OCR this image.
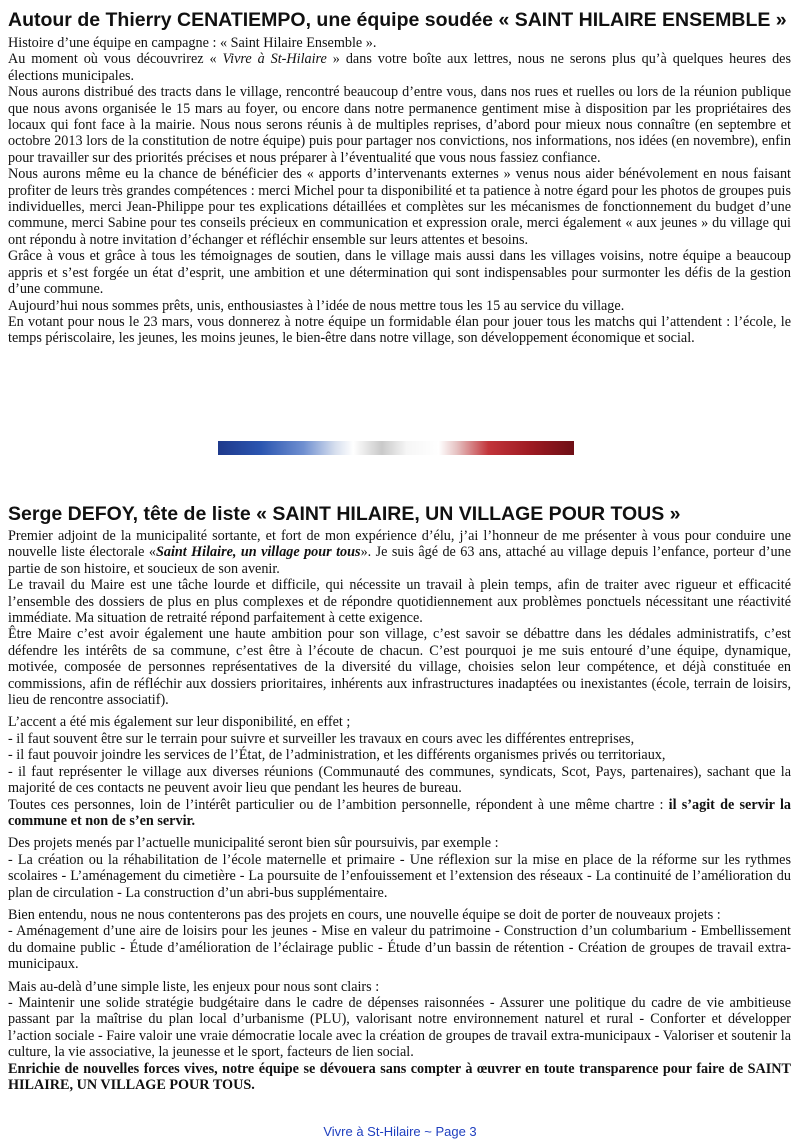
Autour de Thierry CENATIEMPO, une équipe soudée « SAINT HILAIRE ENSEMBLE »

Histoire d’une équipe en campagne : « Saint Hilaire Ensemble ».

Au moment où vous découvrirez « Vivre à St-Hilaire » dans votre boîte aux lettres, nous ne serons plus qu’à quelques heures des élections municipales.

Nous aurons distribué des tracts dans le village, rencontré beaucoup d’entre vous, dans nos rues et ruelles ou lors de la réunion publique que nous avons organisée le 15 mars au foyer, ou encore dans notre permanence gentiment mise à disposition par les propriétaires des locaux qui font face à la mairie. Nous nous serons réunis à de multiples reprises, d’abord pour mieux nous connaître (en septembre et octobre 2013 lors de la constitution de notre équipe) puis pour partager nos convictions, nos informations, nos idées (en novembre), enfin pour travailler sur des priorités précises et nous préparer à l’éventualité que vous nous fassiez confiance.

Nous aurons même eu la chance de bénéficier des « apports d’intervenants externes » venus nous aider bénévolement en nous faisant profiter de leurs très grandes compétences : merci Michel pour ta disponibilité et ta patience à notre égard pour les photos de groupes puis individuelles, merci Jean-Philippe pour tes explications détaillées et complètes sur les mécanismes de fonctionnement du budget d’une commune, merci Sabine pour tes conseils précieux en communication et expression orale, merci également « aux jeunes » du village qui ont répondu à notre invitation d’échanger et réfléchir ensemble sur leurs attentes et besoins.

Grâce à vous et grâce à tous les témoignages de soutien, dans le village mais aussi dans les villages voisins, notre équipe a beaucoup appris et s’est forgée un état d’esprit, une ambition et une détermination qui sont indispensables pour surmonter les défis de la gestion d’une commune.

Aujourd’hui nous sommes prêts, unis, enthousiastes à l’idée de nous mettre tous les 15 au service du village.

En votant pour nous le 23 mars, vous donnerez à notre équipe un formidable élan pour jouer tous les matchs qui l’attendent : l’école, le temps périscolaire, les jeunes, les moins jeunes, le bien-être dans notre village, son développement économique et social.

Serge DEFOY, tête de liste « SAINT HILAIRE, UN VILLAGE POUR TOUS »

Premier adjoint de la municipalité sortante, et fort de mon expérience d’élu, j’ai l’honneur de me présenter à vous pour conduire une nouvelle liste électorale «Saint Hilaire, un village pour tous». Je suis âgé de 63 ans, attaché au village depuis l’enfance, porteur d’une partie de son histoire, et soucieux de son avenir.

Le travail du Maire est une tâche lourde et difficile, qui nécessite un travail à plein temps, afin de traiter avec rigueur et efficacité l’ensemble des dossiers de plus en plus complexes et de répondre quotidiennement aux problèmes ponctuels nécessitant une réactivité immédiate. Ma situation de retraité répond parfaitement à cette exigence.

Être Maire c’est avoir également une haute ambition pour son village, c’est savoir se débattre dans les dédales administratifs, c’est défendre les intérêts de sa commune, c’est être à l’écoute de chacun. C’est pourquoi je me suis entouré d’une équipe, dynamique, motivée, composée de personnes représentatives de la diversité du village, choisies selon leur compétence, et déjà constituée en commissions, afin de réfléchir aux dossiers prioritaires, inhérents aux infrastructures inadaptées ou inexistantes (école, terrain de loisirs, lieu de rencontre associatif).

L’accent a été mis également sur leur disponibilité, en effet ;

- il faut souvent être sur le terrain pour suivre et surveiller les travaux en cours avec les différentes entreprises,

- il faut pouvoir joindre les services de l’État, de l’administration, et les différents organismes privés ou territoriaux,

- il faut représenter le village aux diverses réunions (Communauté des communes, syndicats, Scot, Pays, partenaires), sachant que la majorité de ces contacts ne peuvent avoir lieu que pendant les heures de bureau.

Toutes ces personnes, loin de l’intérêt particulier ou de l’ambition personnelle, répondent à une même chartre : il s’agit de servir la commune et non de s’en servir.

Des projets menés par l’actuelle municipalité seront bien sûr poursuivis, par exemple :

- La création ou la réhabilitation de l’école maternelle et primaire - Une réflexion sur la mise en place de la réforme sur les rythmes scolaires - L’aménagement du cimetière - La poursuite de l’enfouissement et l’extension des réseaux - La continuité de l’amélioration du plan de circulation - La construction d’un abri-bus supplémentaire.

Bien entendu, nous ne nous contenterons pas des projets en cours, une nouvelle équipe se doit de porter de nouveaux projets :

- Aménagement d’une aire de loisirs pour les jeunes - Mise en valeur du patrimoine - Construction d’un columbarium - Embellissement du domaine public - Étude d’amélioration de l’éclairage public - Étude d’un bassin de rétention - Création de groupes de travail extra-municipaux.

Mais au-delà d’une simple liste, les enjeux pour nous sont clairs :

- Maintenir une solide stratégie budgétaire dans le cadre de dépenses raisonnées - Assurer une politique du cadre de vie ambitieuse passant par la maîtrise du plan local d’urbanisme (PLU), valorisant notre environnement naturel et rural - Conforter et développer l’action sociale - Faire valoir une vraie démocratie locale avec la création de groupes de travail extra-municipaux - Valoriser et soutenir la culture, la vie associative, la jeunesse et le sport, facteurs de lien social.

Enrichie de nouvelles forces vives, notre équipe se dévouera sans compter à œuvrer en toute transparence pour faire de SAINT HILAIRE, UN VILLAGE POUR TOUS.

Vivre à St-Hilaire ~ Page 3
